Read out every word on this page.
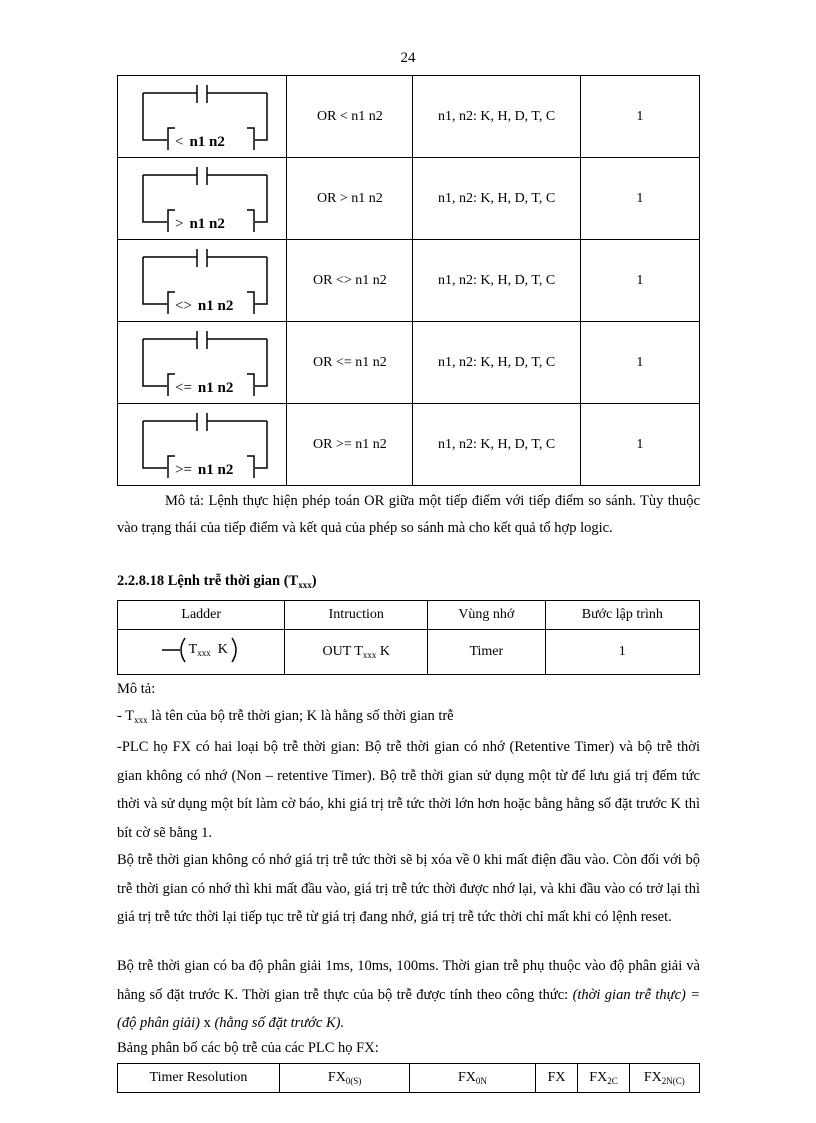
24
< n1 n2	OR < n1 n2	n1, n2: K, H, D, T, C	1

> n1 n2	OR > n1 n2	n1, n2: K, H, D, T, C	1

<> n1 n2	OR <> n1 n2	n1, n2: K, H, D, T, C	1

<= n1 n2	OR <= n1 n2	n1, n2: K, H, D, T, C	1

>= n1 n2	OR >= n1 n2	n1, n2: K, H, D, T, C	1

Mô tả: Lệnh thực hiện phép toán OR giữa một tiếp điểm với tiếp điểm so sánh. Tùy thuộc vào trạng thái của tiếp điểm và kết quả của phép so sánh mà cho kết quả tổ hợp logic.

2.2.8.18 Lệnh trễ thời gian $(T_{xxx})$
Ladder	Intruction	Vùng nhớ	Bước lập trình

$T_{xxx}$ K	OUT $T_{xxx}$ K	Timer	1

Mô tả:

- $T_{xxx}$ là tên của bộ trễ thời gian; K là hằng số thời gian trễ

-PLC họ FX có hai loại bộ trễ thời gian: Bộ trễ thời gian có nhớ (Retentive Timer) và bộ trễ thời gian không có nhớ (Non – retentive Timer). Bộ trễ thời gian sử dụng một từ để lưu giá trị đếm tức thời và sử dụng một bít làm cờ báo, khi giá trị trễ tức thời lớn hơn hoặc bằng hằng số đặt trước K thì bít cờ sẽ bằng 1.

Bộ trễ thời gian không có nhớ giá trị trễ tức thời sẽ bị xóa về 0 khi mất điện đầu vào. Còn đối với bộ trễ thời gian có nhớ thì khi mất đầu vào, giá trị trễ tức thời được nhớ lại, và khi đầu vào có trở lại thì giá trị trễ tức thời lại tiếp tục trễ từ giá trị đang nhớ, giá trị trễ tức thời chỉ mất khi có lệnh reset.

Bộ trễ thời gian có ba độ phân giải 1ms, 10ms, 100ms. Thời gian trễ phụ thuộc vào độ phân giải và hằng số đặt trước K. Thời gian trễ thực của bộ trễ được tính theo công thức: (thời gian trễ thực) = (độ phân giải) x (hằng số đặt trước K).

Bảng phân bố các bộ trễ của các PLC họ FX:

Timer Resolution	$FX_{0(S)}$	$FX_{0N}$	FX	$FX_{2C}$	$FX_{2N(C)}$
